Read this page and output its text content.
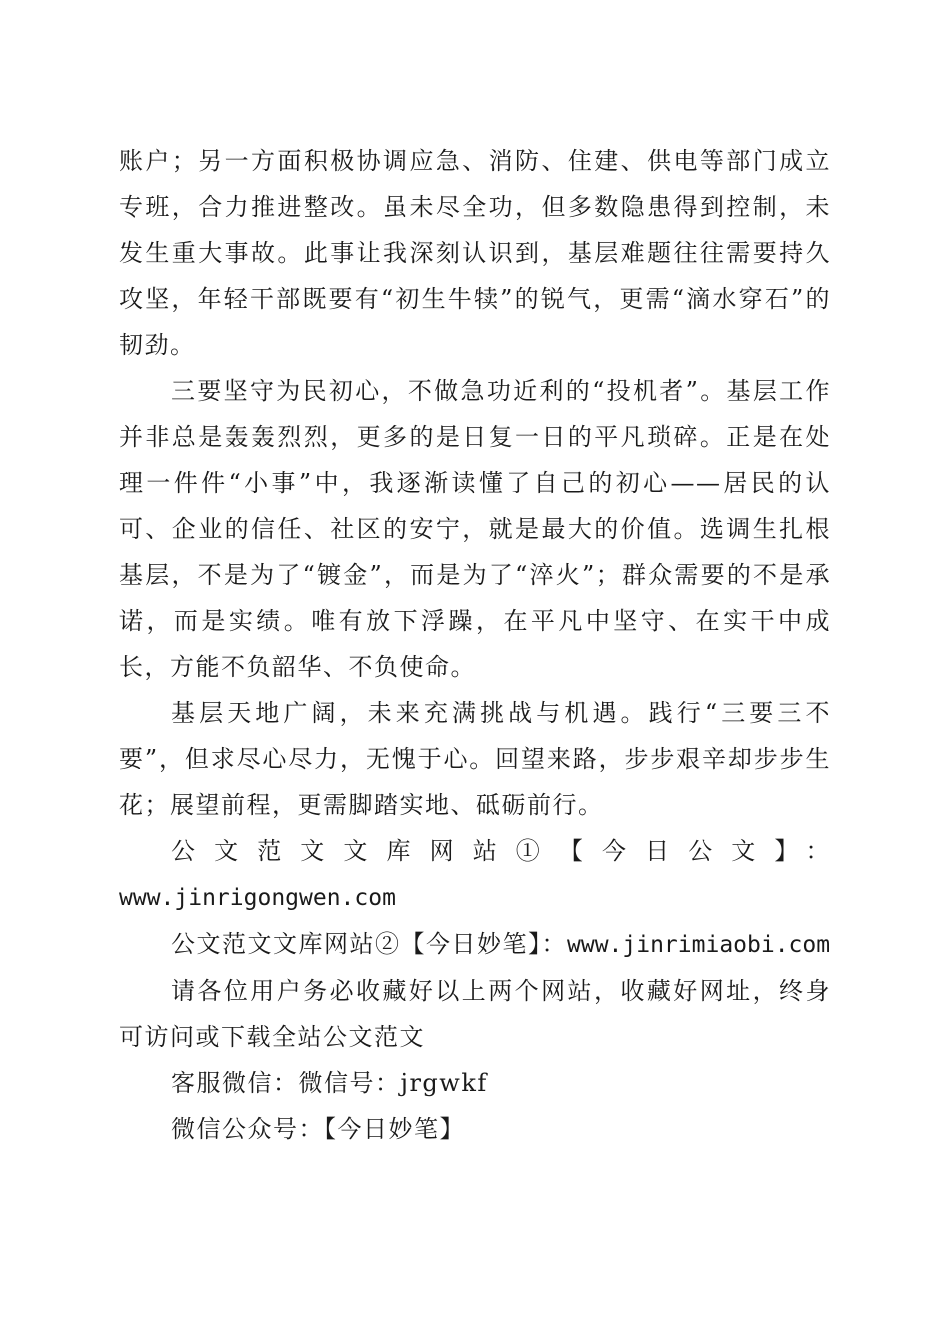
账户；另一方面积极协调应急、消防、住建、供电等部门成立专班，合力推进整改。虽未尽全功，但多数隐患得到控制，未发生重大事故。此事让我深刻认识到，基层难题往往需要持久攻坚，年轻干部既要有“初生牛犊”的锐气，更需“滴水穿石”的韧劲。

三要坚守为民初心，不做急功近利的“投机者”。基层工作并非总是轰轰烈烈，更多的是日复一日的平凡琐碎。正是在处理一件件“小事”中，我逐渐读懂了自己的初心——居民的认可、企业的信任、社区的安宁，就是最大的价值。选调生扎根基层，不是为了“镀金”，而是为了“淬火”；群众需要的不是承诺，而是实绩。唯有放下浮躁，在平凡中坚守、在实干中成长，方能不负韶华、不负使命。

基层天地广阔，未来充满挑战与机遇。践行“三要三不要”，但求尽心尽力，无愧于心。回望来路，步步艰辛却步步生花；展望前程，更需脚踏实地、砥砺前行。

公文范文文库网站①【今日公文】：

www.jinrigongwen.com

公文范文文库网站②【今日妙笔】：www.jinrimiaobi.com

请各位用户务必收藏好以上两个网站，收藏好网址，终身可访问或下载全站公文范文

客服微信：微信号：jrgwkf

微信公众号：【今日妙笔】
